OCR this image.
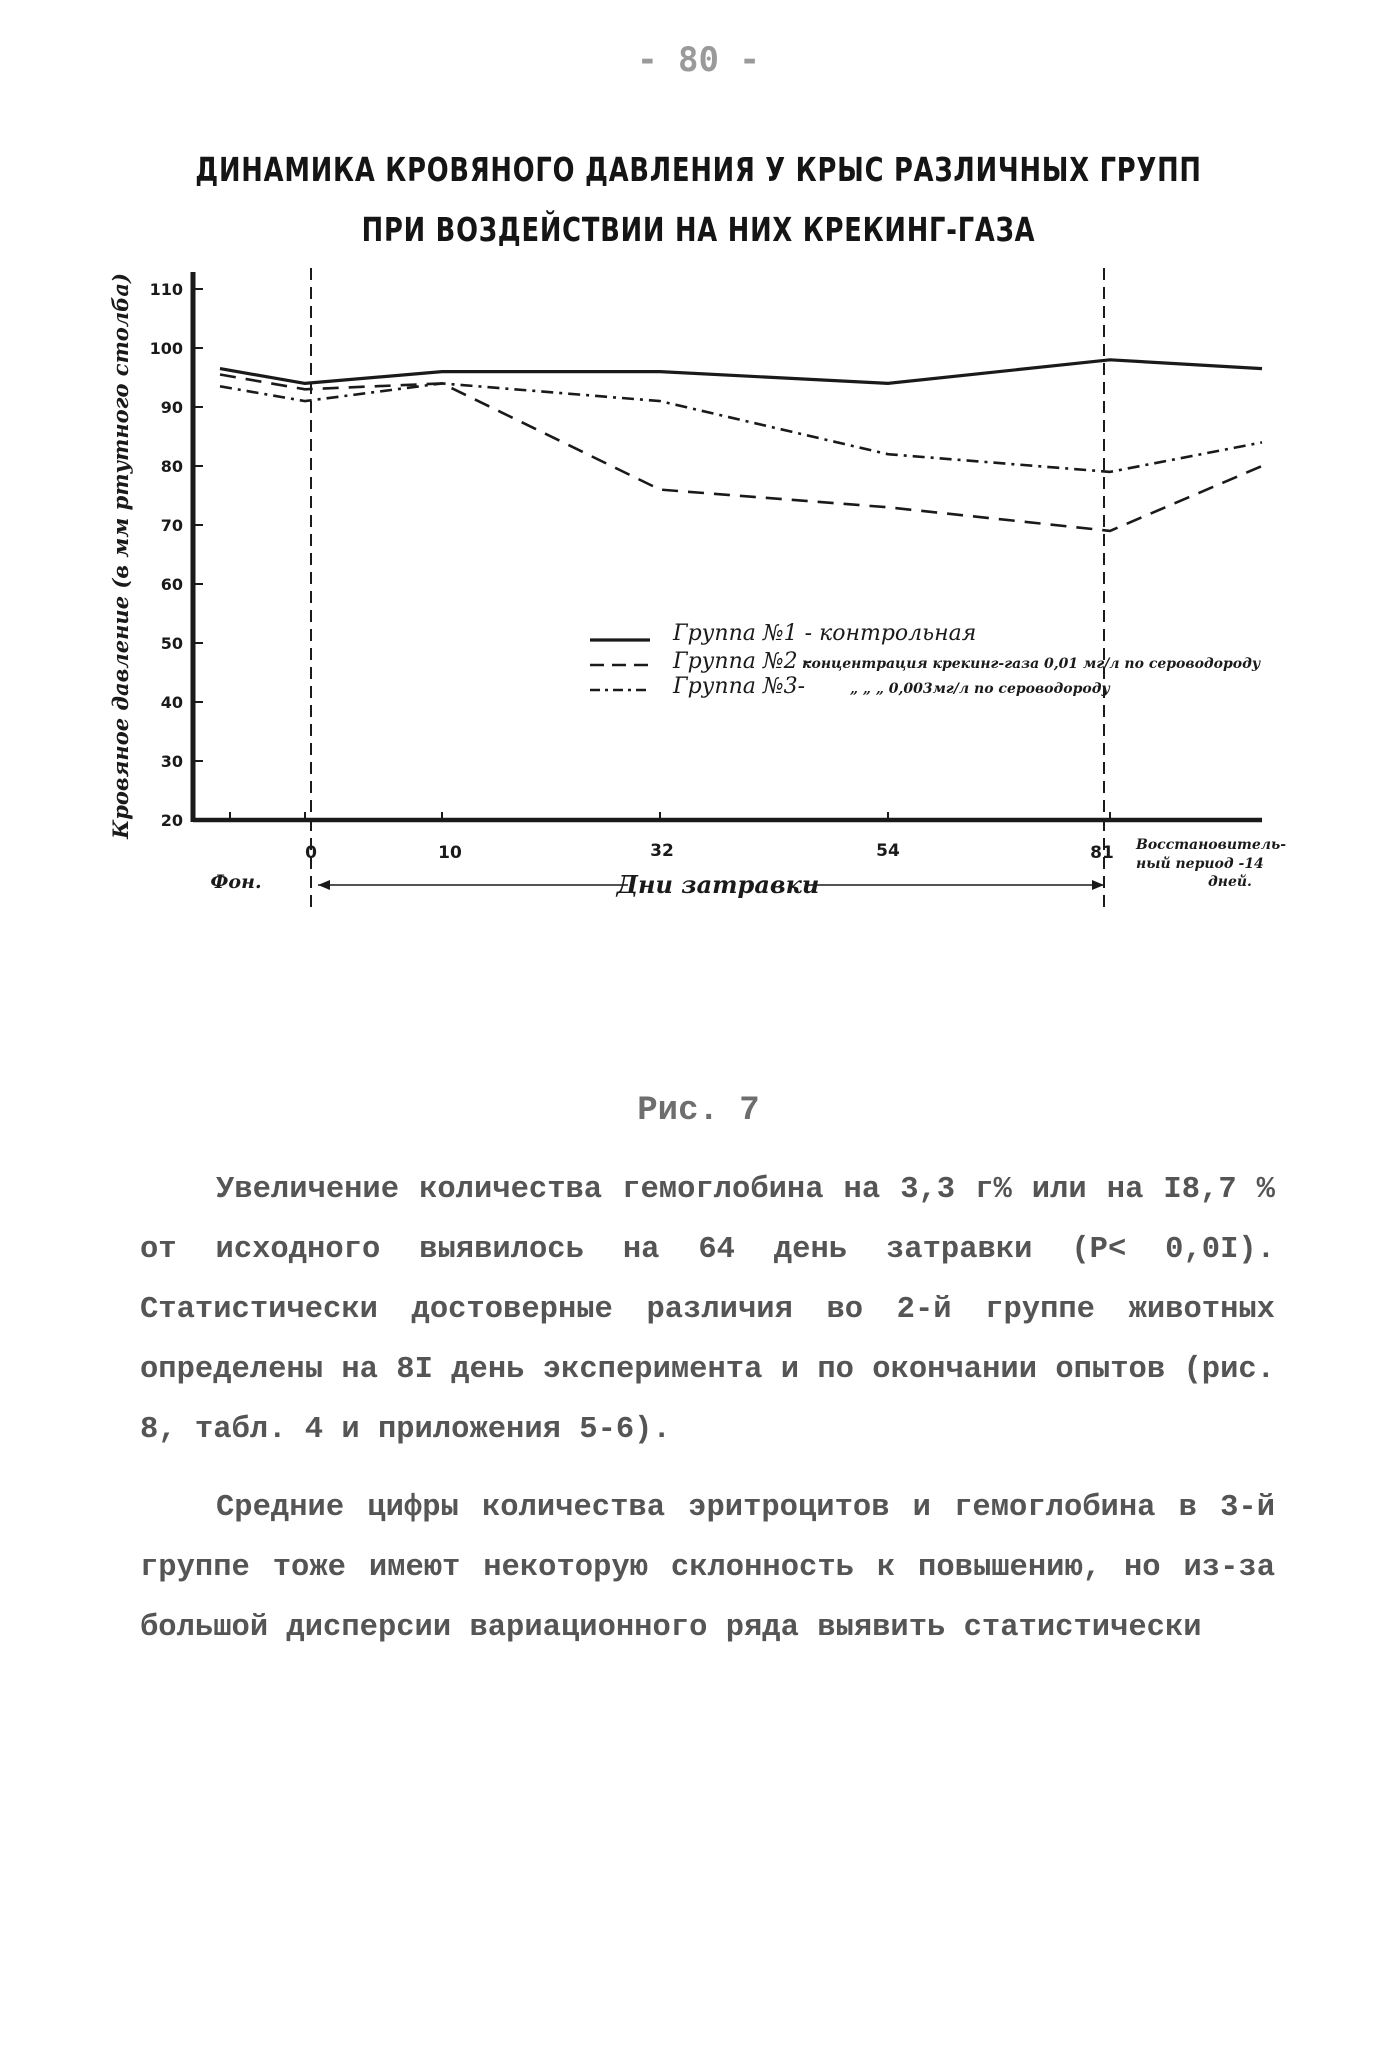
- 80 -
ДИНАМИКА КРОВЯНОГО ДАВЛЕНИЯ У КРЫС РАЗЛИЧНЫХ ГРУПП
ПРИ ВОЗДЕЙСТВИИ НА НИХ КРЕКИНГ-ГАЗА
20
30
40
50
60
70
80
90
100
110
Фон.
0	10	32	54	81 Восстановитель-
ный период -14
дней.
Дни затравки
Группа №1 - контрольная
Группа №2 -
концентрация крекинг-газа 0,01 мг/л по сероводороду
Группа №3-	„ „ „ 0,003мг/л по сероводороду
Кровяное давление (в мм ртутного столба)
Рис. 7

Увеличение количества гемоглобина на 3,3 г% или на I8,7 % от исходного выявилось на 64 день затравки (P< 0,0I). Статистически достоверные различия во 2-й группе животных определены на 8I день эксперимента и по окончании опытов (рис. 8, табл. 4 и приложения 5-6).

Средние цифры количества эритроцитов и гемоглобина в 3-й группе тоже имеют некоторую склонность к повышению, но из-за большой дисперсии вариационного ряда выявить статистически
